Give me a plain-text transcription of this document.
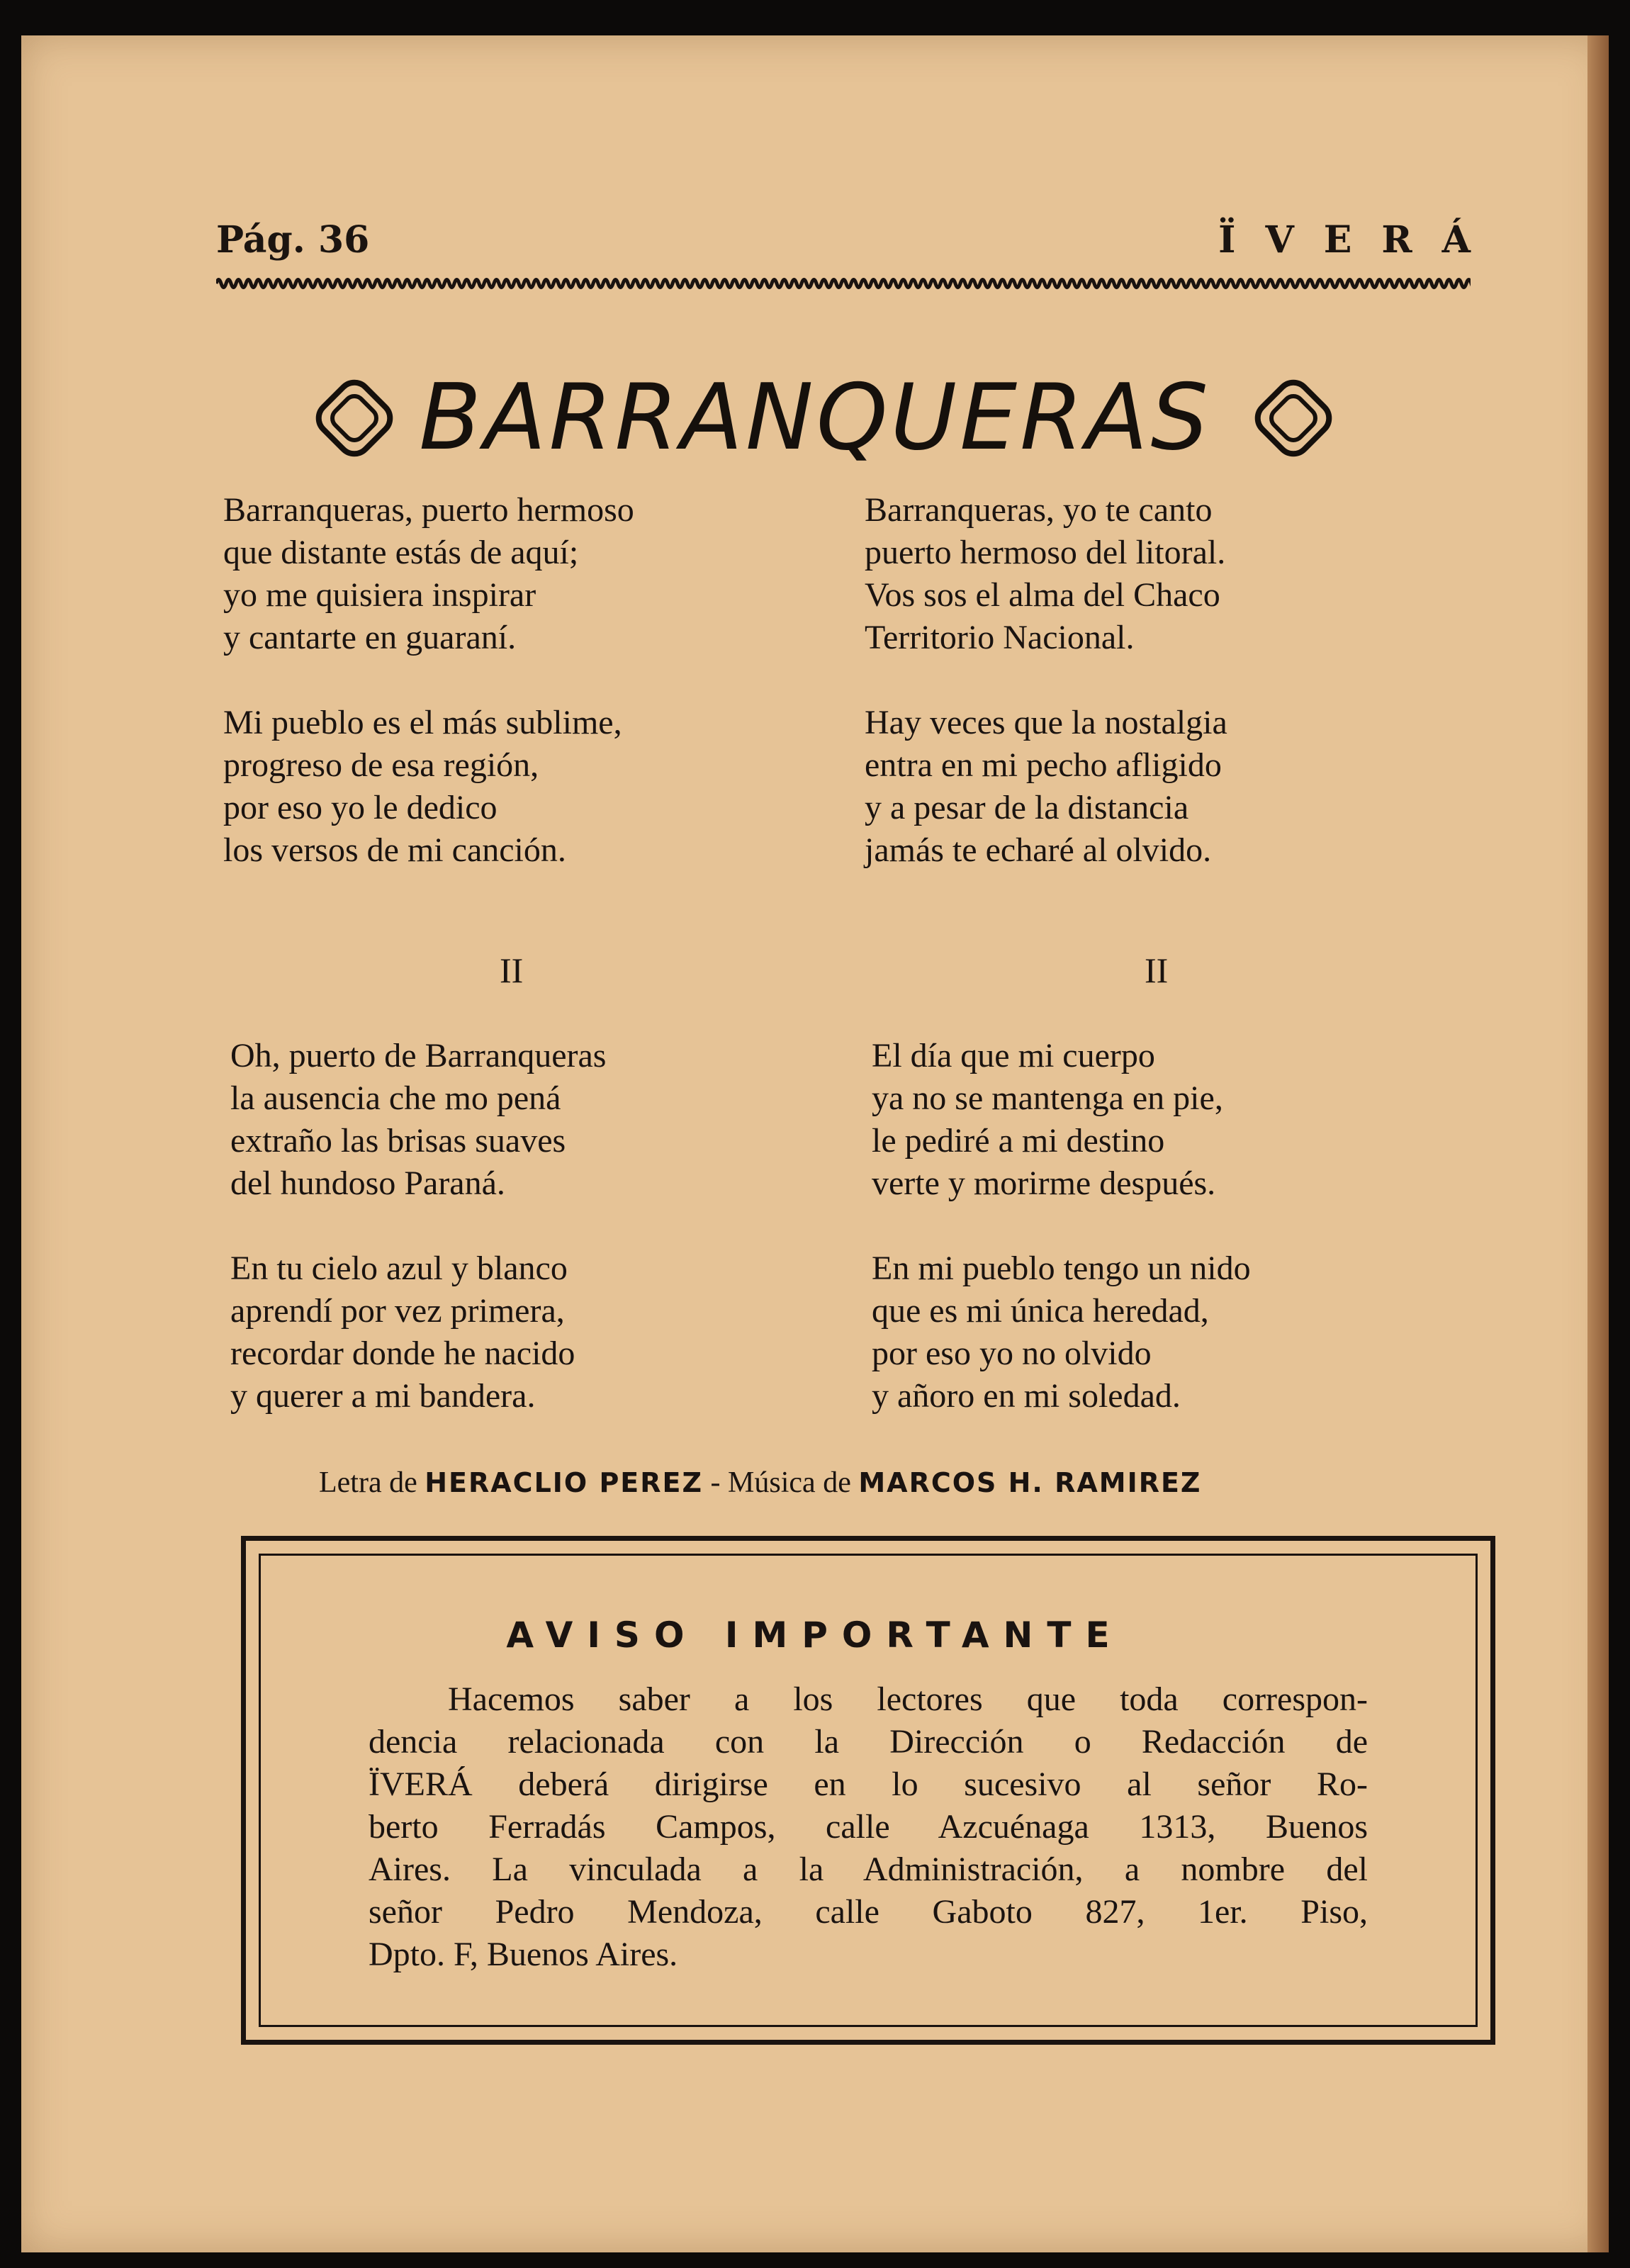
Pág. 36	ÏVERÁ
BARRANQUERAS
Barranqueras, puerto hermoso
que distante estás de aquí;
yo me quisiera inspirar
y cantarte en guaraní.
Mi pueblo es el más sublime,
progreso de esa región,
por eso yo le dedico
los versos de mi canción.
II
Oh, puerto de Barranqueras
la ausencia che mo pená
extraño las brisas suaves
del hundoso Paraná.
En tu cielo azul y blanco
aprendí por vez primera,
recordar donde he nacido
y querer a mi bandera.
Barranqueras, yo te canto
puerto hermoso del litoral.
Vos sos el alma del Chaco
Territorio Nacional.
Hay veces que la nostalgia
entra en mi pecho afligido
y a pesar de la distancia
jamás te echaré al olvido.
II
El día que mi cuerpo
ya no se mantenga en pie,
le pediré a mi destino
verte y morirme después.
En mi pueblo tengo un nido
que es mi única heredad,
por eso yo no olvido
y añoro en mi soledad.
Letra de HERACLIO PEREZ - Música de MARCOS H. RAMIREZ
AVISO IMPORTANTE
Hacemos saber a los lectores que toda correspon-
dencia relacionada con la Dirección o Redacción de
ÏVERÁ deberá dirigirse en lo sucesivo al señor Ro-
berto Ferradás Campos, calle Azcuénaga 1313, Buenos
Aires. La vinculada a la Administración, a nombre del
señor Pedro Mendoza, calle Gaboto 827, 1er. Piso,
Dpto. F, Buenos Aires.
